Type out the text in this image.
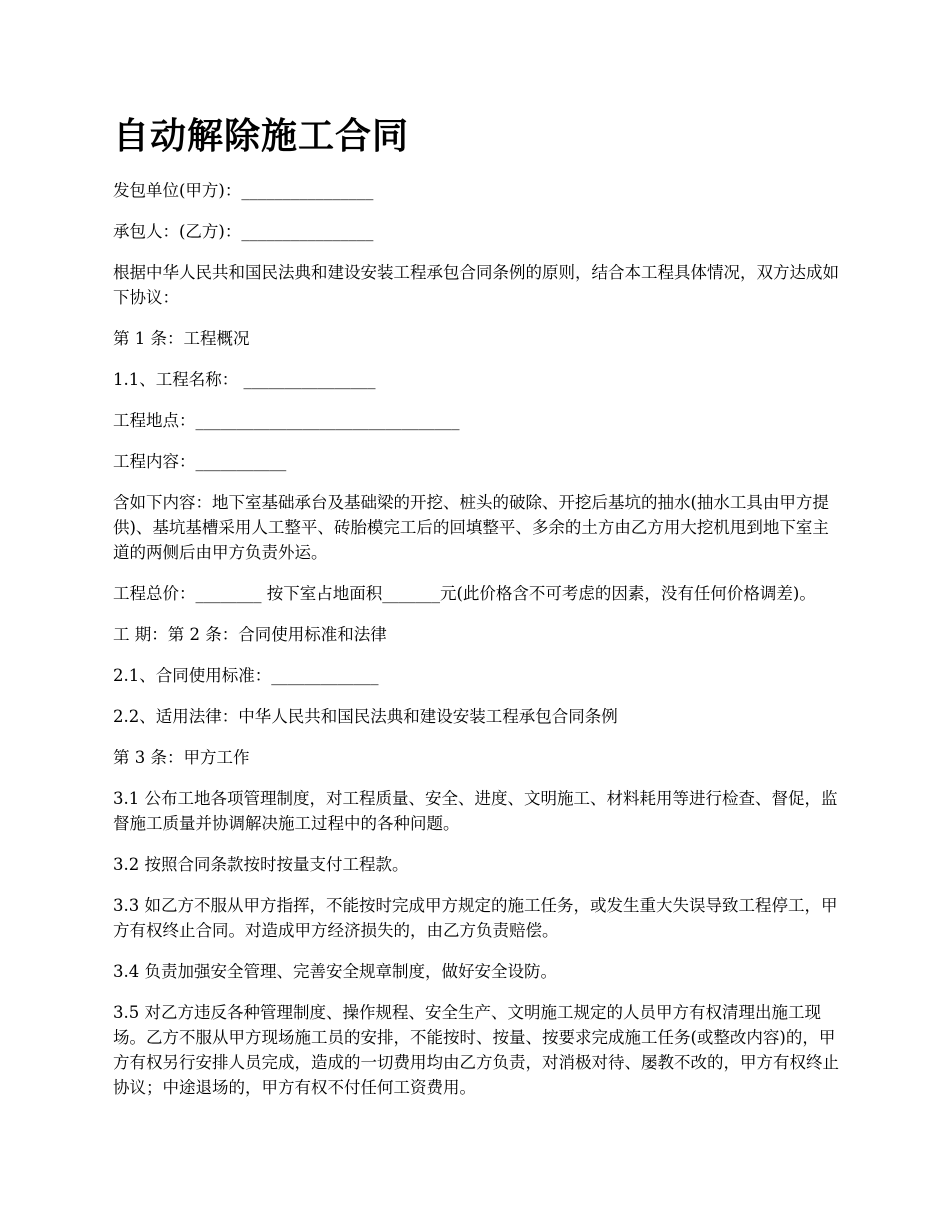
自动解除施工合同

发包单位(甲方)：________________

承包人：(乙方)：________________

根据中华人民共和国民法典和建设安装工程承包合同条例的原则，结合本工程具体情况，双方达成如下协议：

第 1 条：工程概况

1.1、工程名称： ________________

工程地点：________________________________

工程内容：___________

含如下内容：地下室基础承台及基础梁的开挖、桩头的破除、开挖后基坑的抽水(抽水工具由甲方提供)、基坑基槽采用人工整平、砖胎模完工后的回填整平、多余的土方由乙方用大挖机甩到地下室主道的两侧后由甲方负责外运。

工程总价：________ 按下室占地面积_______元(此价格含不可考虑的因素，没有任何价格调差)。

工 期：第 2 条：合同使用标准和法律

2.1、合同使用标准：_____________

2.2、适用法律：中华人民共和国民法典和建设安装工程承包合同条例

第 3 条：甲方工作

3.1 公布工地各项管理制度，对工程质量、安全、进度、文明施工、材料耗用等进行检查、督促，监督施工质量并协调解决施工过程中的各种问题。

3.2 按照合同条款按时按量支付工程款。

3.3 如乙方不服从甲方指挥，不能按时完成甲方规定的施工任务，或发生重大失误导致工程停工，甲方有权终止合同。对造成甲方经济损失的，由乙方负责赔偿。

3.4 负责加强安全管理、完善安全规章制度，做好安全设防。

3.5 对乙方违反各种管理制度、操作规程、安全生产、文明施工规定的人员甲方有权清理出施工现场。乙方不服从甲方现场施工员的安排，不能按时、按量、按要求完成施工任务(或整改内容)的，甲方有权另行安排人员完成，造成的一切费用均由乙方负责，对消极对待、屡教不改的，甲方有权终止协议；中途退场的，甲方有权不付任何工资费用。
